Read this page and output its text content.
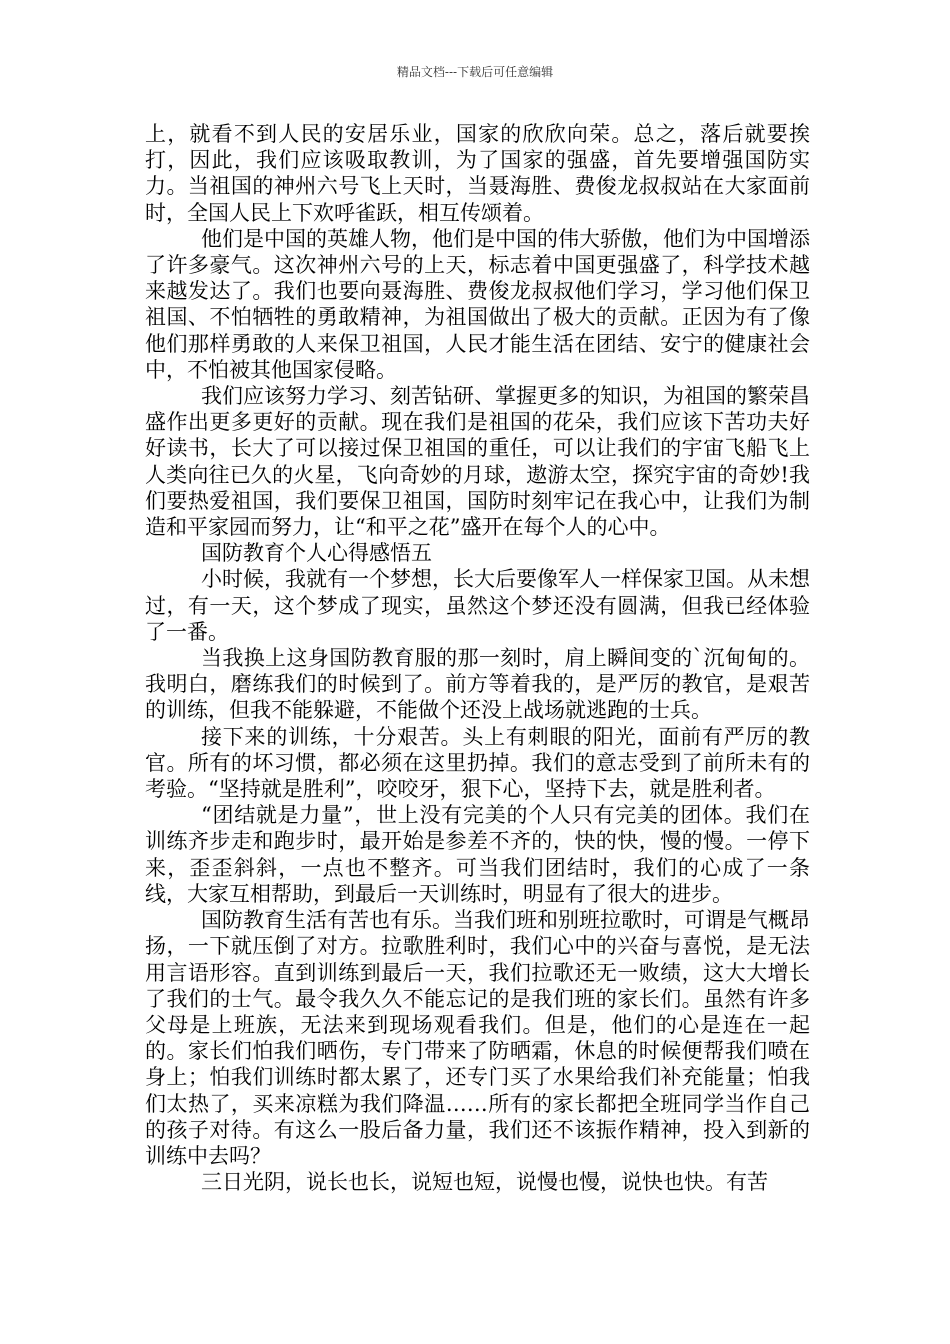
精品文档---下载后可任意编辑

上，就看不到人民的安居乐业，国家的欣欣向荣。总之，落后就要挨打，因此，我们应该吸取教训，为了国家的强盛，首先要增强国防实力。当祖国的神州六号飞上天时，当聂海胜、费俊龙叔叔站在大家面前时，全国人民上下欢呼雀跃，相互传颂着。

他们是中国的英雄人物，他们是中国的伟大骄傲，他们为中国增添了许多豪气。这次神州六号的上天，标志着中国更强盛了，科学技术越来越发达了。我们也要向聂海胜、费俊龙叔叔他们学习，学习他们保卫祖国、不怕牺牲的勇敢精神，为祖国做出了极大的贡献。正因为有了像他们那样勇敢的人来保卫祖国，人民才能生活在团结、安宁的健康社会中，不怕被其他国家侵略。

我们应该努力学习、刻苦钻研、掌握更多的知识，为祖国的繁荣昌盛作出更多更好的贡献。现在我们是祖国的花朵，我们应该下苦功夫好好读书，长大了可以接过保卫祖国的重任，可以让我们的宇宙飞船飞上人类向往已久的火星，飞向奇妙的月球，遨游太空，探究宇宙的奇妙!我们要热爱祖国，我们要保卫祖国，国防时刻牢记在我心中，让我们为制造和平家园而努力，让“和平之花”盛开在每个人的心中。

国防教育个人心得感悟五

小时候，我就有一个梦想，长大后要像军人一样保家卫国。从未想过，有一天，这个梦成了现实，虽然这个梦还没有圆满，但我已经体验了一番。

当我换上这身国防教育服的那一刻时，肩上瞬间变的`沉甸甸的。我明白，磨练我们的时候到了。前方等着我的，是严厉的教官，是艰苦的训练，但我不能躲避，不能做个还没上战场就逃跑的士兵。

接下来的训练，十分艰苦。头上有刺眼的阳光，面前有严厉的教官。所有的坏习惯，都必须在这里扔掉。我们的意志受到了前所未有的考验。“坚持就是胜利”，咬咬牙，狠下心，坚持下去，就是胜利者。

“团结就是力量”，世上没有完美的个人只有完美的团体。我们在训练齐步走和跑步时，最开始是参差不齐的，快的快，慢的慢。一停下来，歪歪斜斜，一点也不整齐。可当我们团结时，我们的心成了一条线，大家互相帮助，到最后一天训练时，明显有了很大的进步。

国防教育生活有苦也有乐。当我们班和别班拉歌时，可谓是气概昂扬，一下就压倒了对方。拉歌胜利时，我们心中的兴奋与喜悦，是无法用言语形容。直到训练到最后一天，我们拉歌还无一败绩，这大大增长了我们的士气。最令我久久不能忘记的是我们班的家长们。虽然有许多父母是上班族，无法来到现场观看我们。但是，他们的心是连在一起的。家长们怕我们晒伤，专门带来了防晒霜，休息的时候便帮我们喷在身上；怕我们训练时都太累了，还专门买了水果给我们补充能量；怕我们太热了，买来凉糕为我们降温……所有的家长都把全班同学当作自己的孩子对待。有这么一股后备力量，我们还不该振作精神，投入到新的训练中去吗？

三日光阴，说长也长，说短也短，说慢也慢，说快也快。有苦
